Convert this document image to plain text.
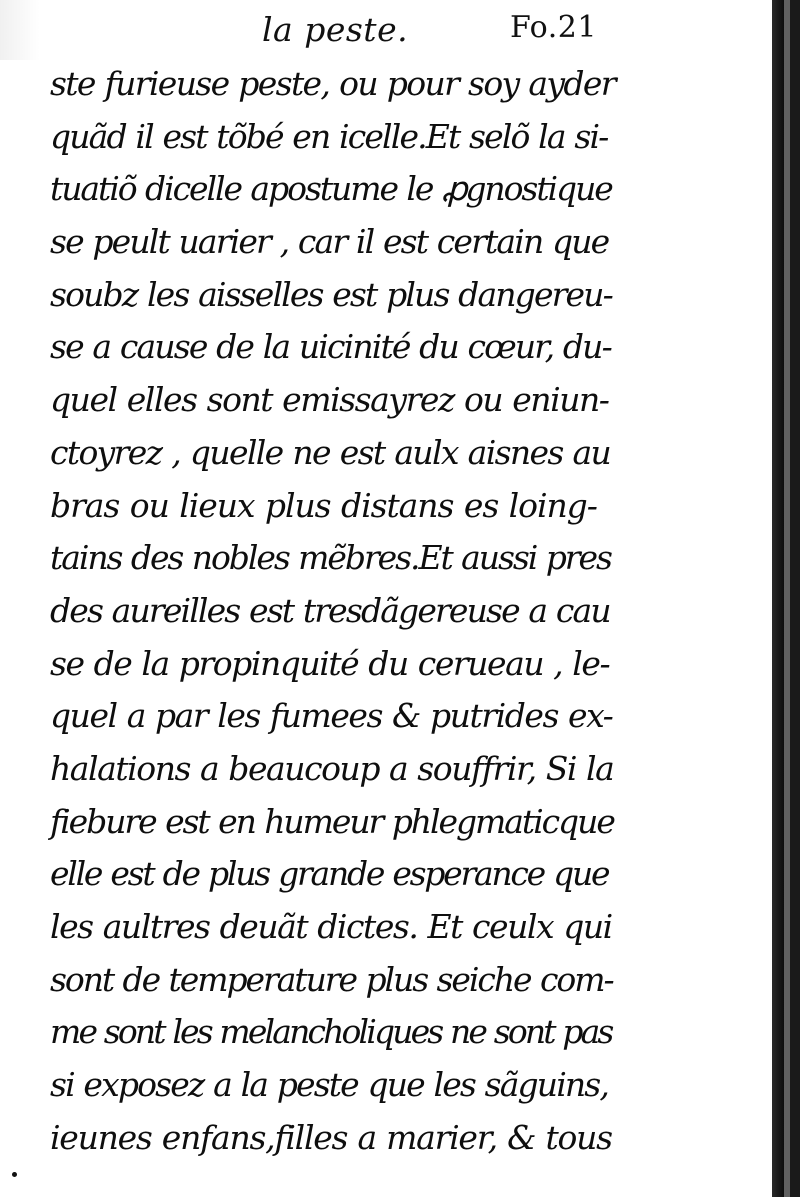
la peste.	Fo.21
ste furieuse peste, ou pour soy ayder
quãd il est tõbé en icelle.Et selõ la si-
tuatiõ dicelle apostume le ꝓgnostique
se peult uarier , car il est certain que
soubz les aisselles est plus dangereu-
se a cause de la uicinité du cœur, du-
quel elles sont emissayrez ou eniun-
ctoyrez , quelle ne est aulx aisnes au
bras ou lieux plus distans es loing-
tains des nobles mẽbres.Et aussi pres
des aureilles est tresdãgereuse a cau
se de la propinquité du cerueau , le-
quel a par les fumees & putrides ex-
halations a beaucoup a souffrir, Si la
fiebure est en humeur phlegmaticque
elle est de plus grande esperance que
les aultres deuãt dictes. Et ceulx qui
sont de temperature plus seiche com-
me sont les melancholiques ne sont pas
si exposez a la peste que les sãguins,
ieunes enfans,filles a marier, & tous
